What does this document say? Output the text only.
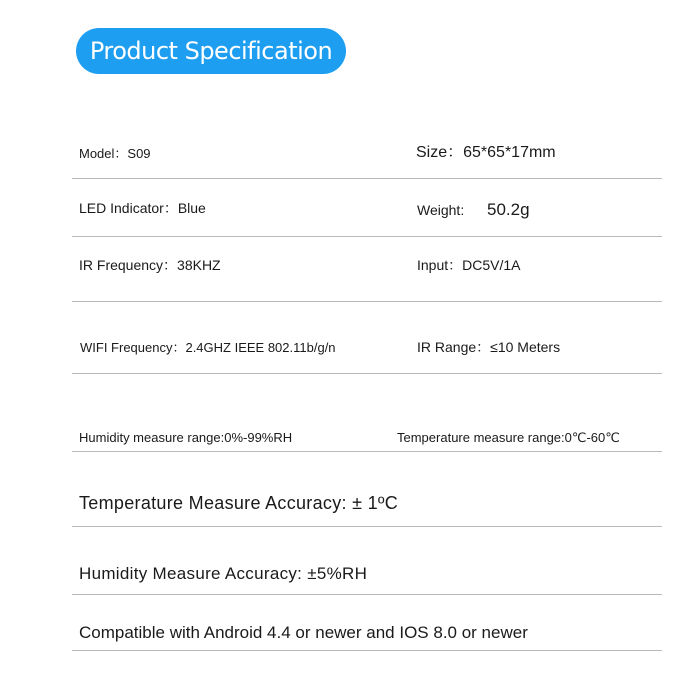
Product Specification
Model：S09	Size：65*65*17mm
LED Indicator：Blue	Weight: 50.2g
IR Frequency：38KHZ	Input：DC5V/1A
WIFI Frequency：2.4GHZ IEEE 802.11b/g/n	IR Range：≤10 Meters
Humidity measure range:0%-99%RH	Temperature measure range:0℃-60℃
Temperature Measure Accuracy: ± 1ºC
Humidity Measure Accuracy: ±5%RH
Compatible with Android 4.4 or newer and IOS 8.0 or newer
